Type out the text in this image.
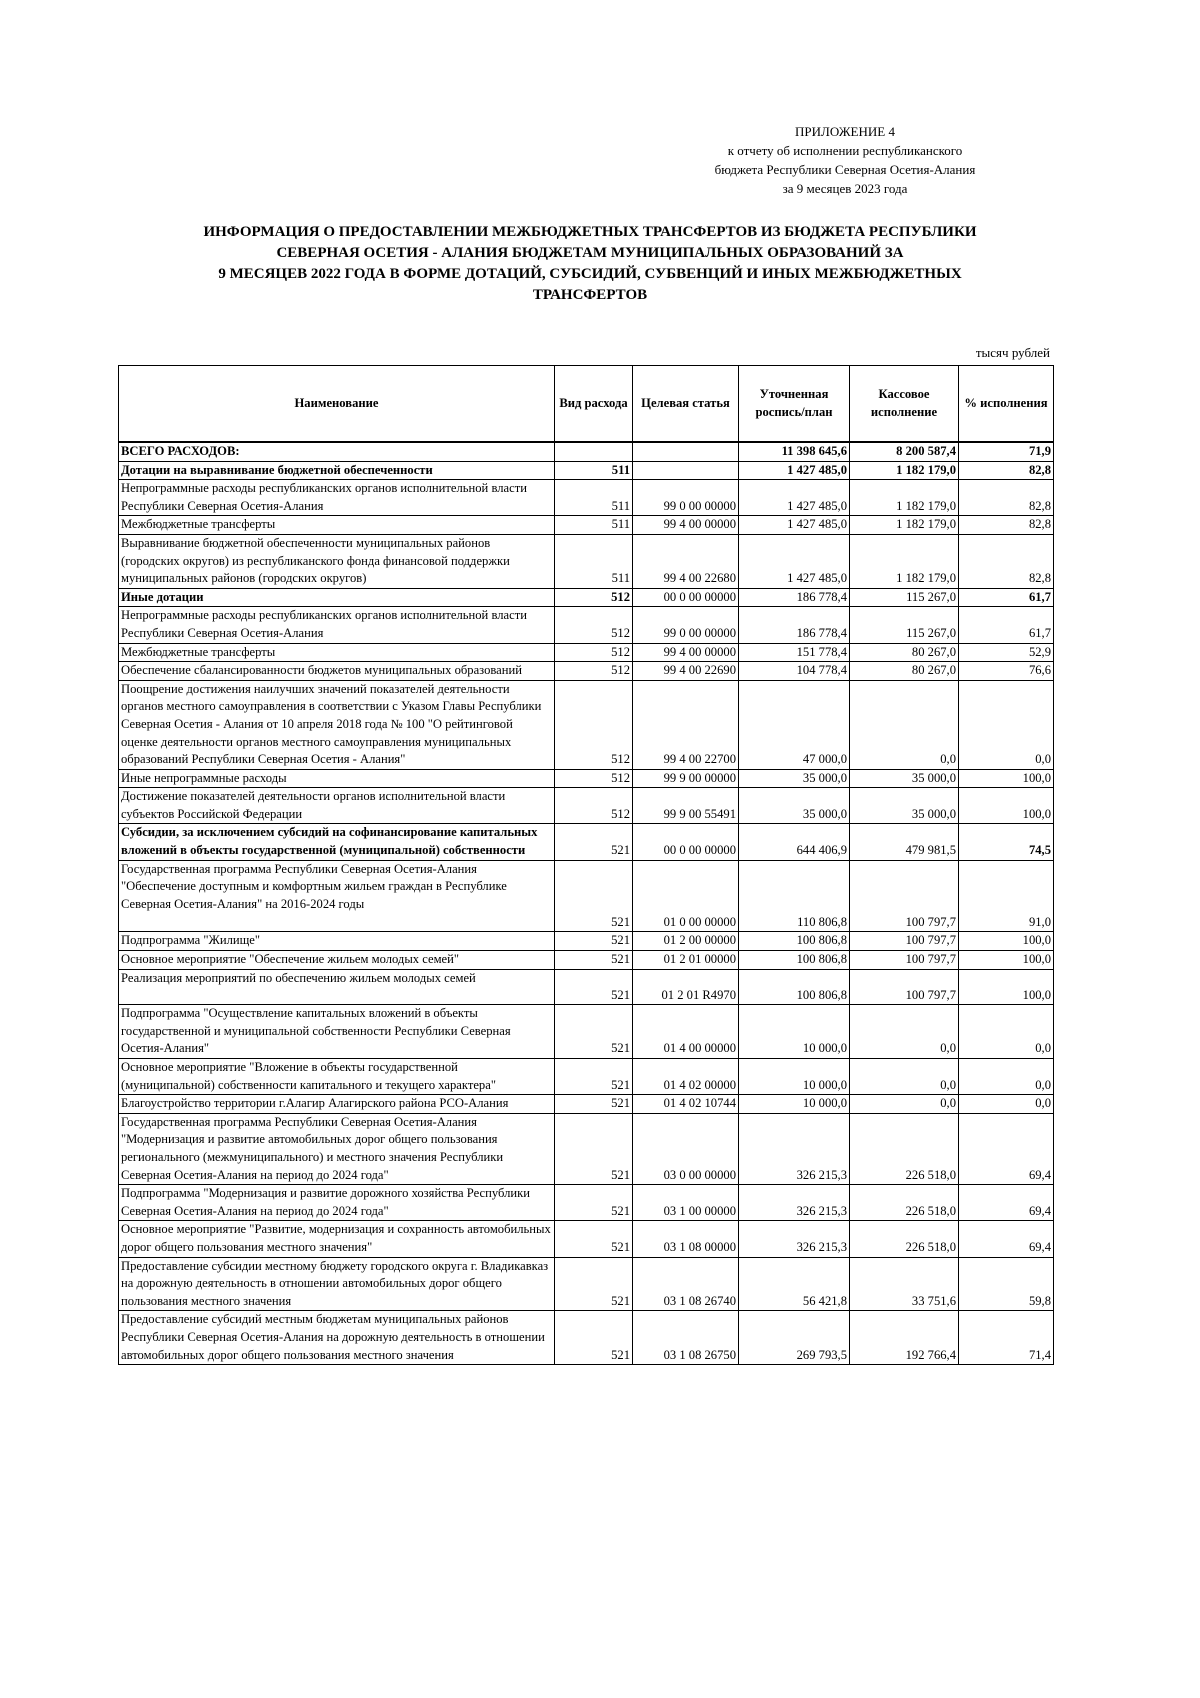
ПРИЛОЖЕНИЕ 4
к отчету об исполнении республиканского
бюджета Республики Северная Осетия-Алания
за 9 месяцев 2023 года
ИНФОРМАЦИЯ О ПРЕДОСТАВЛЕНИИ МЕЖБЮДЖЕТНЫХ ТРАНСФЕРТОВ ИЗ БЮДЖЕТА РЕСПУБЛИКИ
СЕВЕРНАЯ ОСЕТИЯ - АЛАНИЯ БЮДЖЕТАМ МУНИЦИПАЛЬНЫХ ОБРАЗОВАНИЙ ЗА
9 МЕСЯЦЕВ 2022 ГОДА В ФОРМЕ ДОТАЦИЙ, СУБСИДИЙ, СУБВЕНЦИЙ И ИНЫХ МЕЖБЮДЖЕТНЫХ
ТРАНСФЕРТОВ
тысяч рублей
Наименование	Вид расхода	Целевая статья	Уточненная роспись/план	Кассовое исполнение	% исполнения
ВСЕГО РАСХОДОВ:			11 398 645,6	8 200 587,4	71,9
Дотации на выравнивание бюджетной обеспеченности	511		1 427 485,0	1 182 179,0	82,8
Непрограммные расходы республиканских органов исполнительной власти Республики Северная Осетия-Алания	511	99 0 00 00000	1 427 485,0	1 182 179,0	82,8
Межбюджетные трансферты	511	99 4 00 00000	1 427 485,0	1 182 179,0	82,8
Выравнивание бюджетной обеспеченности муниципальных районов (городских округов) из республиканского фонда финансовой поддержки муниципальных районов (городских округов)	511	99 4 00 22680	1 427 485,0	1 182 179,0	82,8
Иные дотации	512	00 0 00 00000	186 778,4	115 267,0	61,7
Непрограммные расходы республиканских органов исполнительной власти Республики Северная Осетия-Алания	512	99 0 00 00000	186 778,4	115 267,0	61,7
Межбюджетные трансферты	512	99 4 00 00000	151 778,4	80 267,0	52,9
Обеспечение сбалансированности бюджетов муниципальных образований	512	99 4 00 22690	104 778,4	80 267,0	76,6
Поощрение достижения наилучших значений показателей деятельности органов местного самоуправления в соответствии с Указом Главы Республики Северная Осетия - Алания от 10 апреля 2018 года № 100 "О рейтинговой оценке деятельности органов местного самоуправления муниципальных образований Республики Северная Осетия - Алания"	512	99 4 00 22700	47 000,0	0,0	0,0
Иные непрограммные расходы	512	99 9 00 00000	35 000,0	35 000,0	100,0
Достижение показателей деятельности органов исполнительной власти субъектов Российской Федерации	512	99 9 00 55491	35 000,0	35 000,0	100,0
Субсидии, за исключением субсидий на софинансирование капитальных вложений в объекты государственной (муниципальной) собственности	521	00 0 00 00000	644 406,9	479 981,5	74,5
Государственная программа Республики Северная Осетия-Алания "Обеспечение доступным и комфортным жильем граждан в Республике Северная Осетия-Алания" на 2016-2024 годы	521	01 0 00 00000	110 806,8	100 797,7	91,0
Подпрограмма "Жилище"	521	01 2 00 00000	100 806,8	100 797,7	100,0
Основное мероприятие "Обеспечение жильем молодых семей"	521	01 2 01 00000	100 806,8	100 797,7	100,0
Реализация мероприятий по обеспечению жильем молодых семей	521	01 2 01 R4970	100 806,8	100 797,7	100,0
Подпрограмма "Осуществление капитальных вложений в объекты государственной и муниципальной собственности Республики Северная Осетия-Алания"	521	01 4 00 00000	10 000,0	0,0	0,0
Основное мероприятие "Вложение в объекты государственной (муниципальной) собственности капитального и текущего характера"	521	01 4 02 00000	10 000,0	0,0	0,0
Благоустройство территории г.Алагир Алагирского района РСО-Алания	521	01 4 02 10744	10 000,0	0,0	0,0
Государственная программа Республики Северная Осетия-Алания "Модернизация и развитие автомобильных дорог общего пользования регионального (межмуниципального) и местного значения Республики Северная Осетия-Алания на период до 2024 года"	521	03 0 00 00000	326 215,3	226 518,0	69,4
Подпрограмма "Модернизация и развитие дорожного хозяйства Республики Северная Осетия-Алания на период до 2024 года"	521	03 1 00 00000	326 215,3	226 518,0	69,4
Основное мероприятие "Развитие, модернизация и сохранность автомобильных дорог общего пользования местного значения"	521	03 1 08 00000	326 215,3	226 518,0	69,4
Предоставление субсидии местному бюджету городского округа г. Владикавказ на дорожную деятельность в отношении автомобильных дорог общего пользования местного значения	521	03 1 08 26740	56 421,8	33 751,6	59,8
Предоставление субсидий местным бюджетам муниципальных районов Республики Северная Осетия-Алания на дорожную деятельность в отношении автомобильных дорог общего пользования местного значения	521	03 1 08 26750	269 793,5	192 766,4	71,4
